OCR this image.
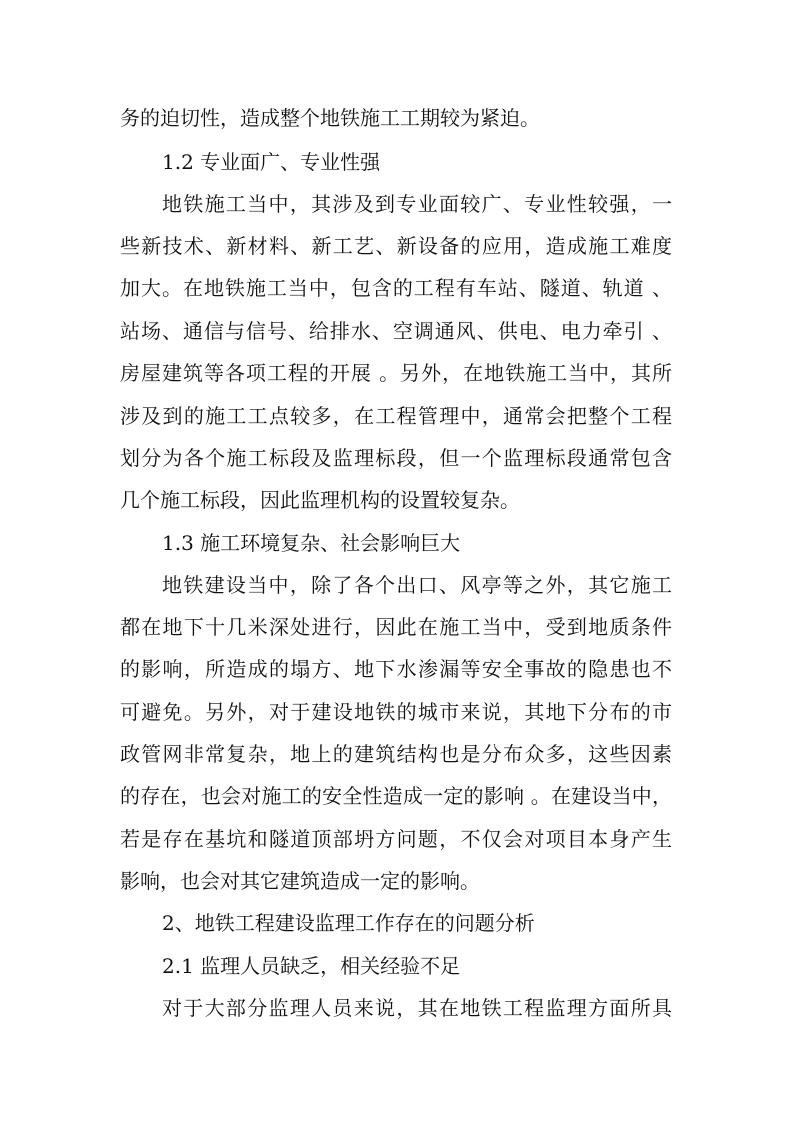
务的迫切性，造成整个地铁施工工期较为紧迫。

1.2 专业面广、专业性强

地铁施工当中，其涉及到专业面较广、专业性较强，一

些新技术、新材料、新工艺、新设备的应用，造成施工难度

加大。在地铁施工当中，包含的工程有车站、隧道、轨道 、

站场、通信与信号、给排水、空调通风、供电、电力牵引 、

房屋建筑等各项工程的开展 。另外，在地铁施工当中，其所

涉及到的施工工点较多，在工程管理中，通常会把整个工程

划分为各个施工标段及监理标段，但一个监理标段通常包含

几个施工标段，因此监理机构的设置较复杂。

1.3 施工环境复杂、社会影响巨大

地铁建设当中，除了各个出口、风亭等之外，其它施工

都在地下十几米深处进行，因此在施工当中，受到地质条件

的影响，所造成的塌方、地下水渗漏等安全事故的隐患也不

可避免。另外，对于建设地铁的城市来说，其地下分布的市

政管网非常复杂，地上的建筑结构也是分布众多，这些因素

的存在，也会对施工的安全性造成一定的影响 。在建设当中，

若是存在基坑和隧道顶部坍方问题，不仅会对项目本身产生

影响，也会对其它建筑造成一定的影响。

2、地铁工程建设监理工作存在的问题分析

2.1 监理人员缺乏，相关经验不足

对于大部分监理人员来说，其在地铁工程监理方面所具
